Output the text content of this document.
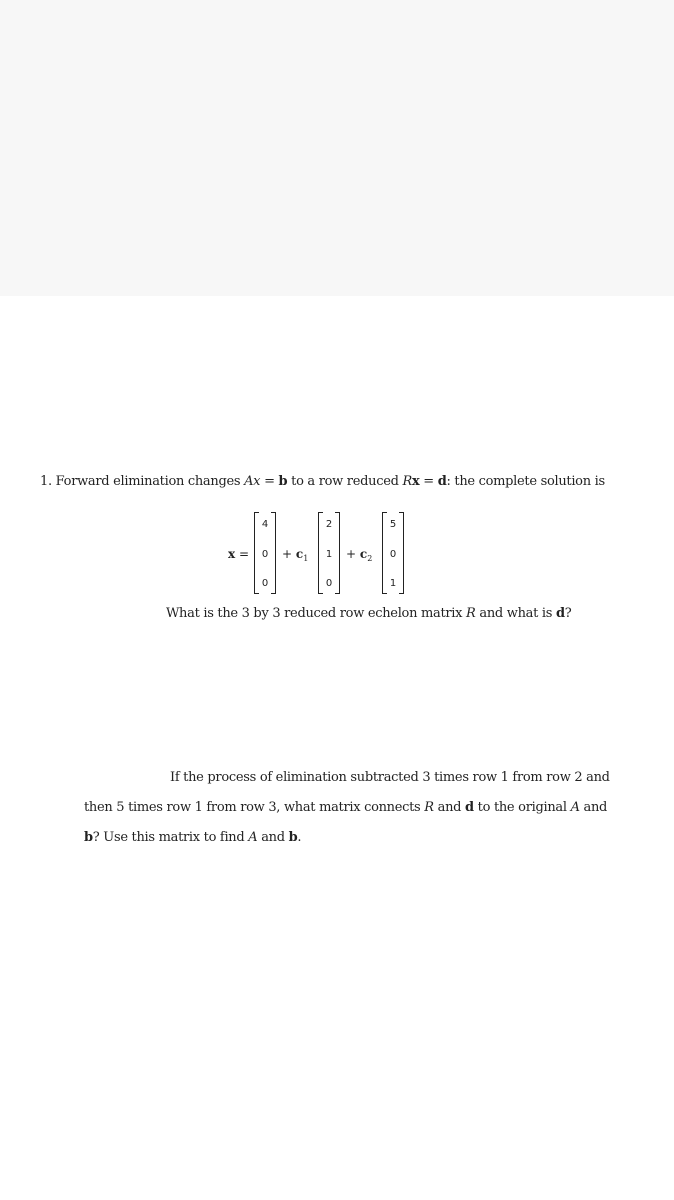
1. Forward elimination changes Ax = b to a row reduced Rx = d: the complete solution is
x =
4
0
0
+ $c_1$
2
1
0
+ $c_2$
5
0
1
What is the 3 by 3 reduced row echelon matrix R and what is d?
If the process of elimination subtracted 3 times row 1 from row 2 and
then 5 times row 1 from row 3, what matrix connects R and d to the original A and
b? Use this matrix to find A and b.
